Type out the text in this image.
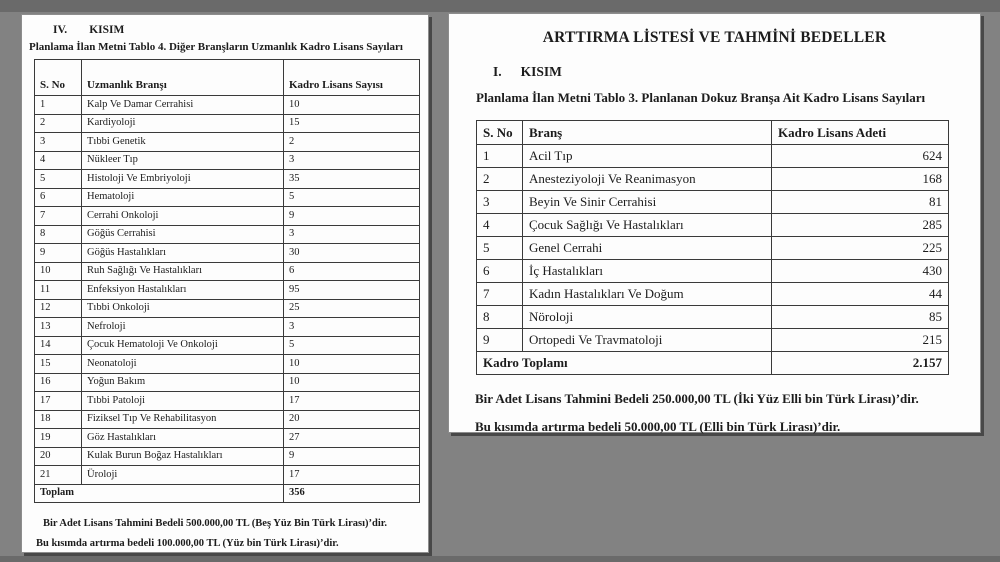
IV. KISIM
Planlama İlan Metni Tablo 4. Diğer Branşların Uzmanlık Kadro Lisans Sayıları
S. No	Uzmanlık Branşı	Kadro Lisans Sayısı
1	Kalp Ve Damar Cerrahisi	10
2	Kardiyoloji	15
3	Tıbbi Genetik	2
4	Nükleer Tıp	3
5	Histoloji Ve Embriyoloji	35
6	Hematoloji	5
7	Cerrahi Onkoloji	9
8	Göğüs Cerrahisi	3
9	Göğüs Hastalıkları	30
10	Ruh Sağlığı Ve Hastalıkları	6
11	Enfeksiyon Hastalıkları	95
12	Tıbbi Onkoloji	25
13	Nefroloji	3
14	Çocuk Hematoloji Ve Onkoloji	5
15	Neonatoloji	10
16	Yoğun Bakım	10
17	Tıbbi Patoloji	17
18	Fiziksel Tıp Ve Rehabilitasyon	20
19	Göz Hastalıkları	27
20	Kulak Burun Boğaz Hastalıkları	9
21	Üroloji	17
Toplam		356

Bir Adet Lisans Tahmini Bedeli 500.000,00 TL (Beş Yüz Bin Türk Lirası)’dir.

Bu kısımda artırma bedeli 100.000,00 TL (Yüz bin Türk Lirası)’dir.

ARTTIRMA LİSTESİ VE TAHMİNİ BEDELLER
I. KISIM
Planlama İlan Metni Tablo 3. Planlanan Dokuz Branşa Ait Kadro Lisans Sayıları
S. No	Branş	Kadro Lisans Adeti
1	Acil Tıp	624
2	Anesteziyoloji Ve Reanimasyon	168
3	Beyin Ve Sinir Cerrahisi	81
4	Çocuk Sağlığı Ve Hastalıkları	285
5	Genel Cerrahi	225
6	İç Hastalıkları	430
7	Kadın Hastalıkları Ve Doğum	44
8	Nöroloji	85
9	Ortopedi Ve Travmatoloji	215
Kadro Toplamı		2.157

Bir Adet Lisans Tahmini Bedeli 250.000,00 TL (İki Yüz Elli bin Türk Lirası)’dir.

Bu kısımda artırma bedeli 50.000,00 TL (Elli bin Türk Lirası)’dir.
